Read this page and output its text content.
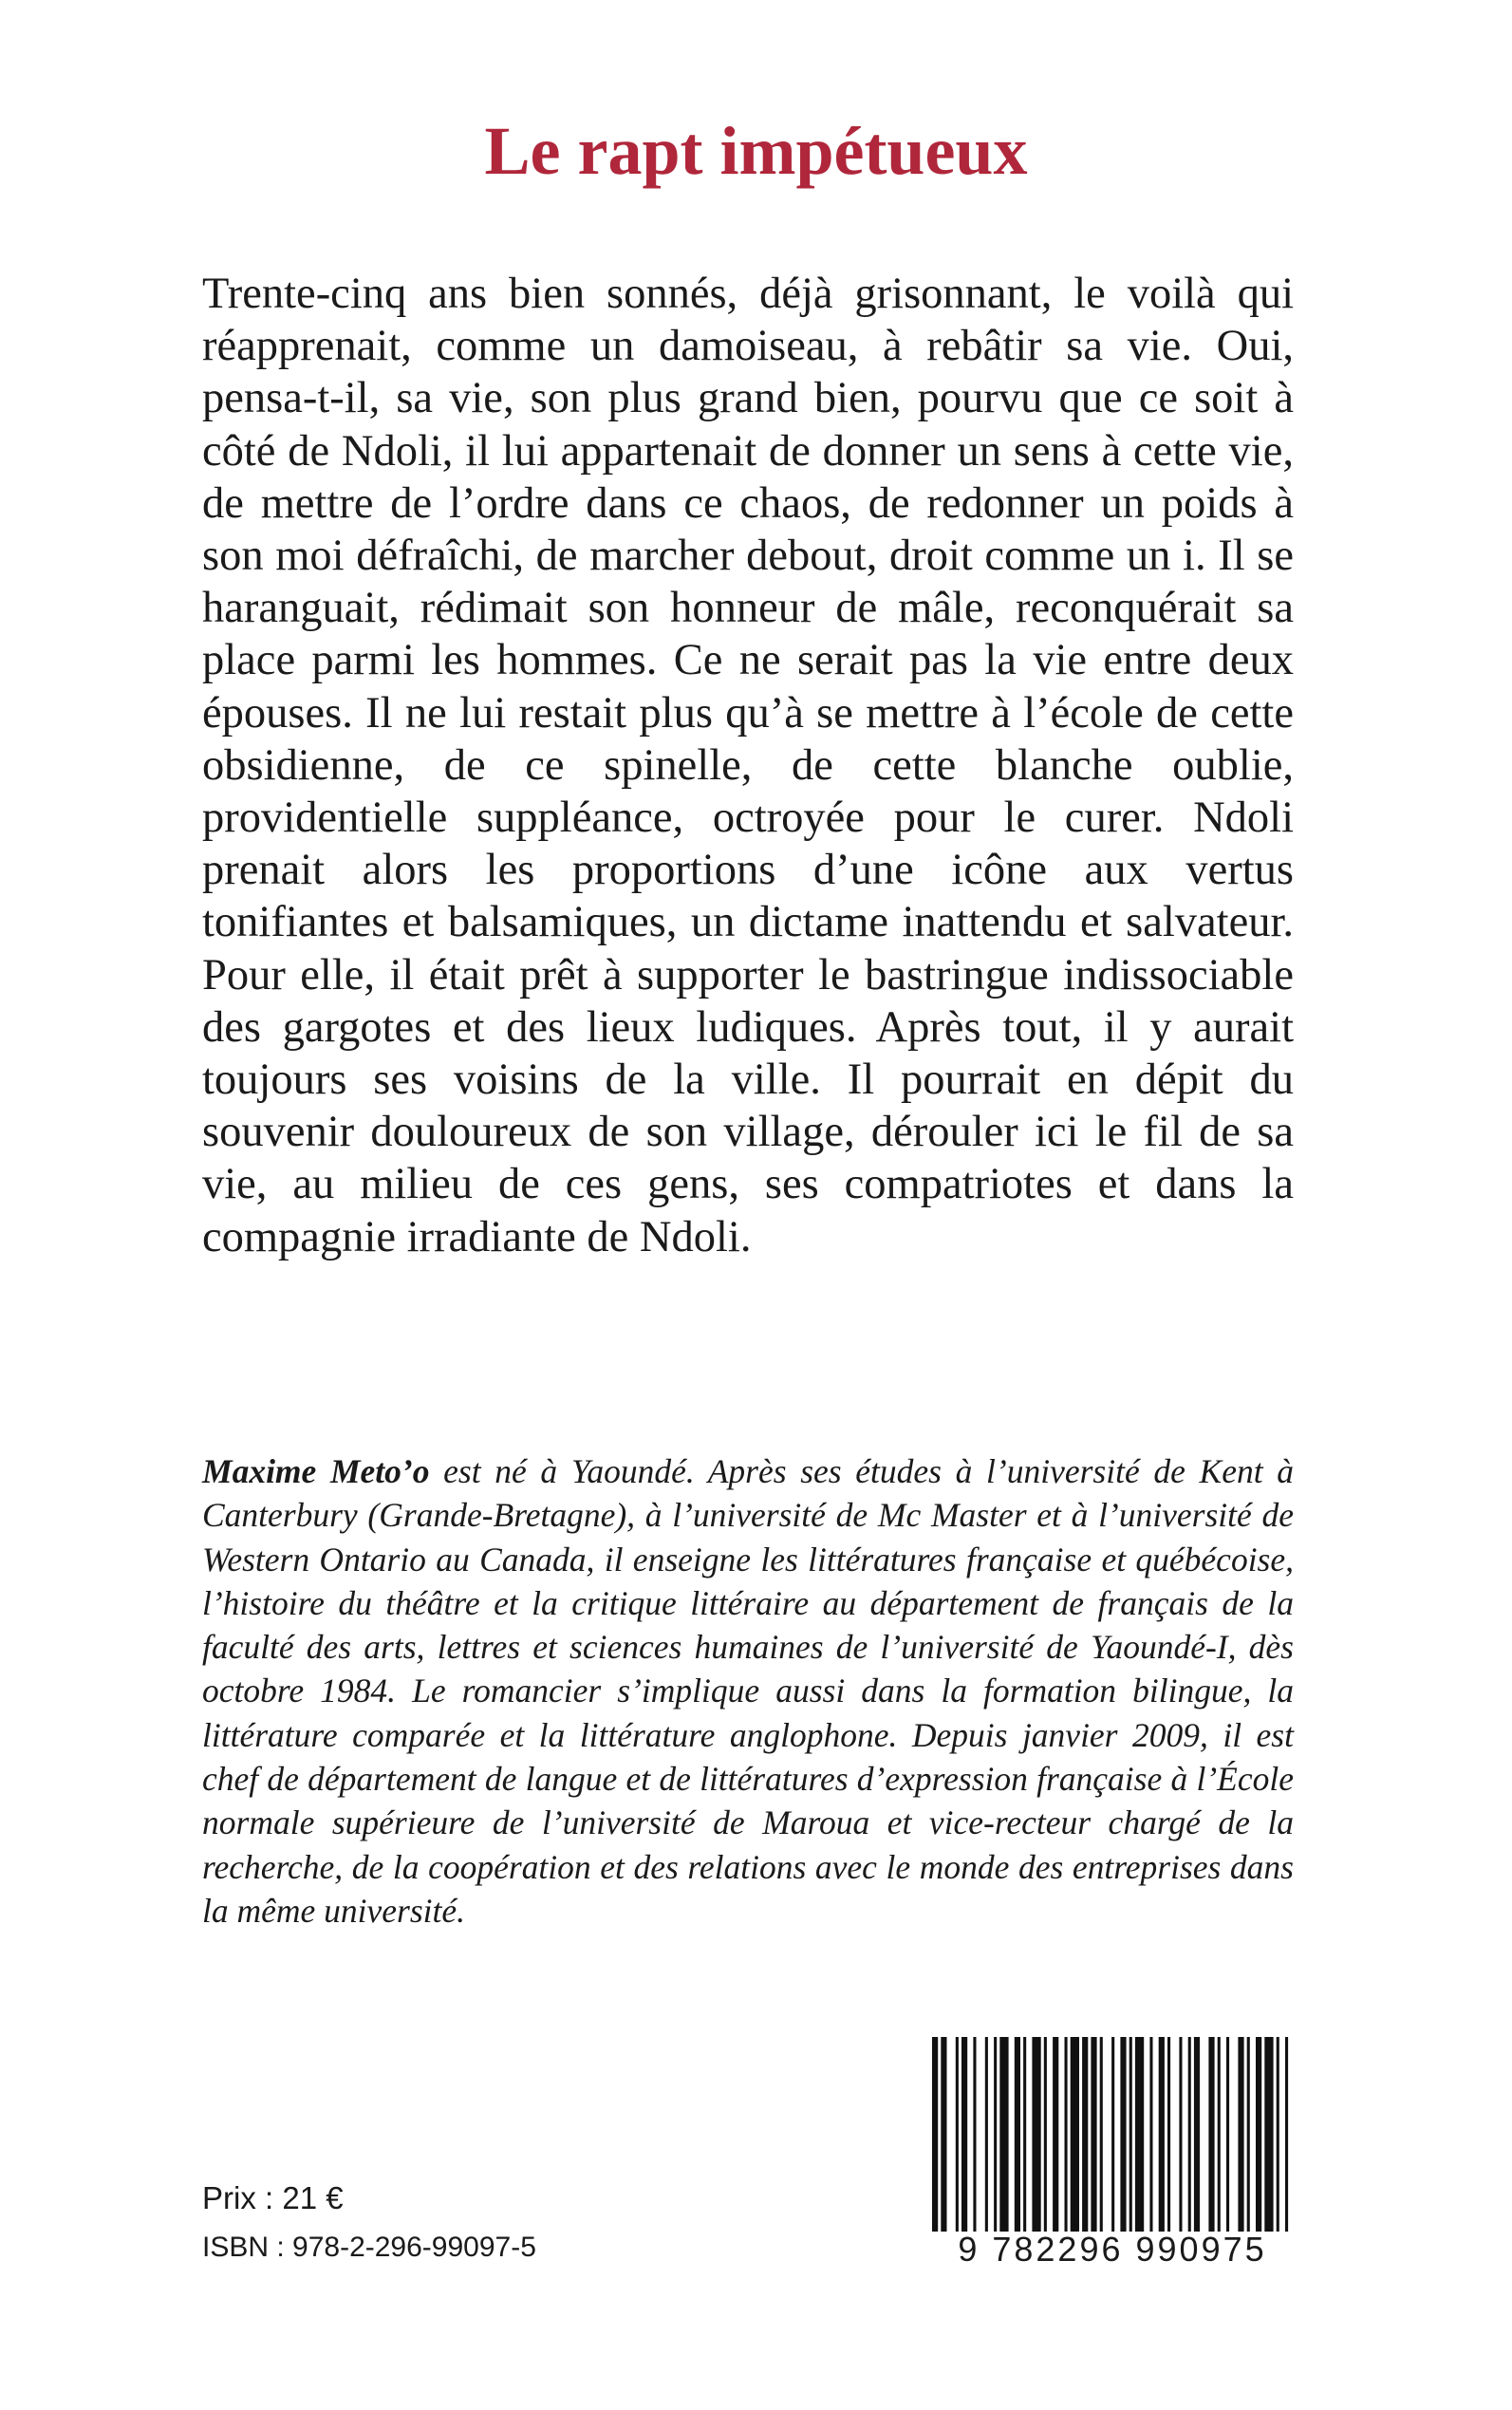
Le rapt impétueux

Trente-cinq ans bien sonnés, déjà grisonnant, le voilà qui réapprenait, comme un damoiseau, à rebâtir sa vie. Oui, pensa-t-il, sa vie, son plus grand bien, pourvu que ce soit à côté de Ndoli, il lui appartenait de donner un sens à cette vie, de mettre de l’ordre dans ce chaos, de redonner un poids à son moi défraîchi, de marcher debout, droit comme un i. Il se haranguait, rédimait son honneur de mâle, reconquérait sa place parmi les hommes. Ce ne serait pas la vie entre deux épouses. Il ne lui restait plus qu’à se mettre à l’école de cette obsidienne, de ce spinelle, de cette blanche oublie, providentielle suppléance, octroyée pour le curer. Ndoli prenait alors les proportions d’une icône aux vertus tonifiantes et balsamiques, un dictame inattendu et salvateur. Pour elle, il était prêt à supporter le bastringue indissociable des gargotes et des lieux ludiques. Après tout, il y aurait toujours ses voisins de la ville. Il pourrait en dépit du souvenir douloureux de son village, dérouler ici le fil de sa vie, au milieu de ces gens, ses compatriotes et dans la compagnie irradiante de Ndoli.

Maxime Meto’o est né à Yaoundé. Après ses études à l’université de Kent à Canterbury (Grande-Bretagne), à l’université de Mc Master et à l’université de Western Ontario au Canada, il enseigne les littératures française et québécoise, l’histoire du théâtre et la critique littéraire au département de français de la faculté des arts, lettres et sciences humaines de l’université de Yaoundé-I, dès octobre 1984. Le romancier s’implique aussi dans la formation bilingue, la littérature comparée et la littérature anglophone. Depuis janvier 2009, il est chef de département de langue et de littératures d’expression française à l’École normale supérieure de l’université de Maroua et vice-recteur chargé de la recherche, de la coopération et des relations avec le monde des entreprises dans la même université.

Prix : 21 €
ISBN : 978-2-296-99097-5	9 782296 990975
